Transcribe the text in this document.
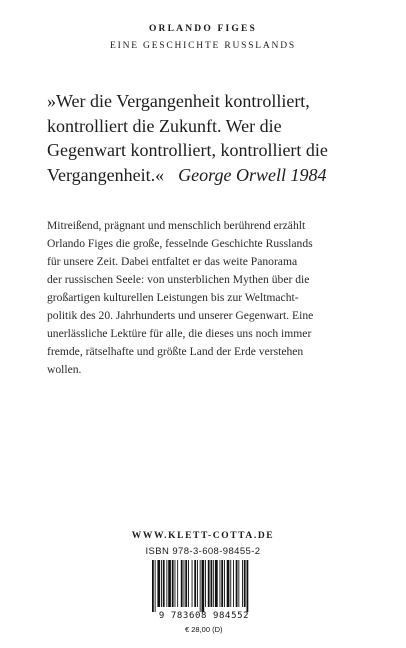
ORLANDO FIGES
EINE GESCHICHTE RUSSLANDS
»Wer die Vergangenheit kontrolliert,
kontrolliert die Zukunft. Wer die
Gegenwart kontrolliert, kontrolliert die
Vergangenheit.« George Orwell 1984
Mitreißend, prägnant und menschlich berührend erzählt
Orlando Figes die große, fesselnde Geschichte Russlands
für unsere Zeit. Dabei entfaltet er das weite Panorama
der russischen Seele: von unsterblichen Mythen über die
großartigen kulturellen Leistungen bis zur Weltmacht-
politik des 20. Jahrhunderts und unserer Gegenwart. Eine
unerlässliche Lektüre für alle, die dieses uns noch immer
fremde, rätselhafte und größte Land der Erde verstehen
wollen.
WWW.KLETT-COTTA.DE
ISBN 978-3-608-98455-2
9 783608 984552
€ 28,00 (D)
